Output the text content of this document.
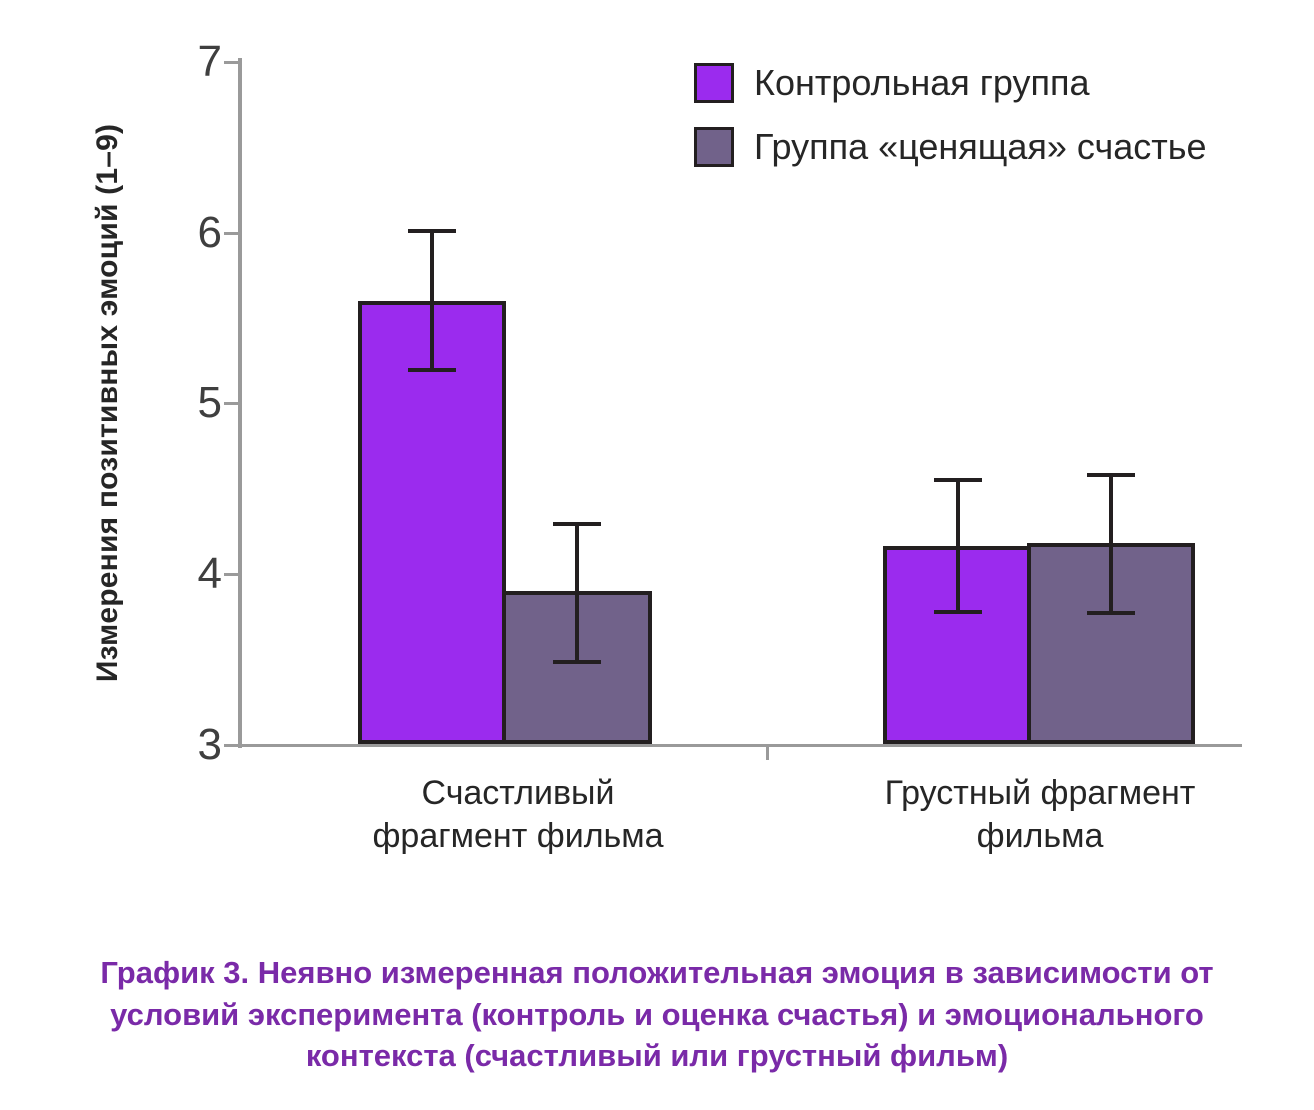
7
6
5
4
3
Измерения позитивных эмоций (1–9)
Счастливый
фрагмент фильма
Грустный фрагмент
фильма
Контрольная группа
Группа «ценящая» счастье
График 3. Неявно измеренная положительная эмоция в зависимости от
условий эксперимента (контроль и оценка счастья) и эмоционального
контекста (счастливый или грустный фильм)
